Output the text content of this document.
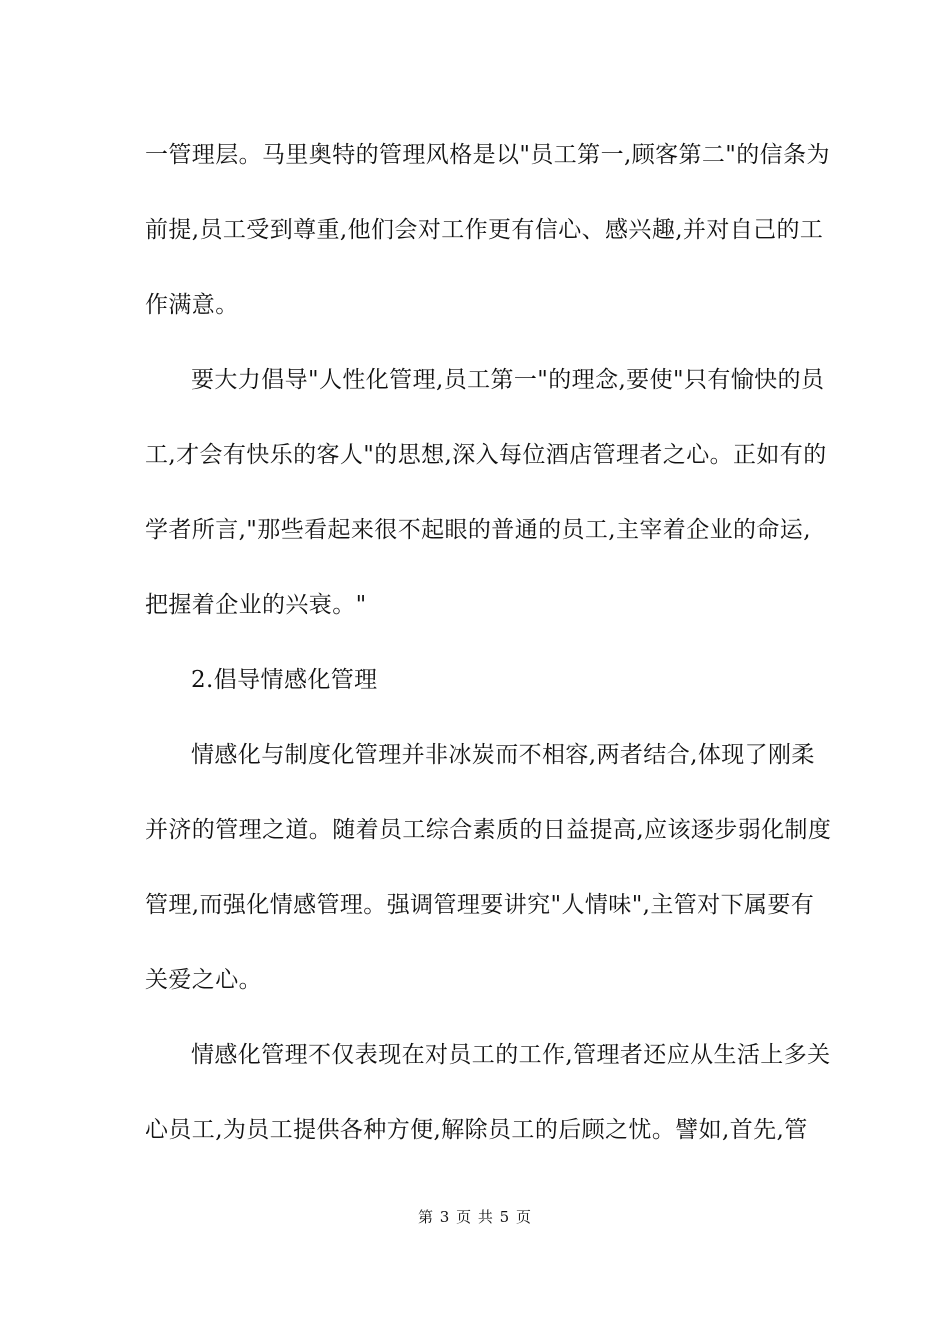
一管理层。马里奥特的管理风格是以"员工第一,顾客第二"的信条为
前提,员工受到尊重,他们会对工作更有信心、感兴趣,并对自己的工
作满意。
要大力倡导"人性化管理,员工第一"的理念,要使"只有愉快的员
工,才会有快乐的客人"的思想,深入每位酒店管理者之心。正如有的
学者所言,"那些看起来很不起眼的普通的员工,主宰着企业的命运,
把握着企业的兴衰。"
2.倡导情感化管理
情感化与制度化管理并非冰炭而不相容,两者结合,体现了刚柔
并济的管理之道。随着员工综合素质的日益提高,应该逐步弱化制度
管理,而强化情感管理。强调管理要讲究"人情味",主管对下属要有
关爱之心。
情感化管理不仅表现在对员工的工作,管理者还应从生活上多关
心员工,为员工提供各种方便,解除员工的后顾之忧。譬如,首先,管
第 3 页 共 5 页
